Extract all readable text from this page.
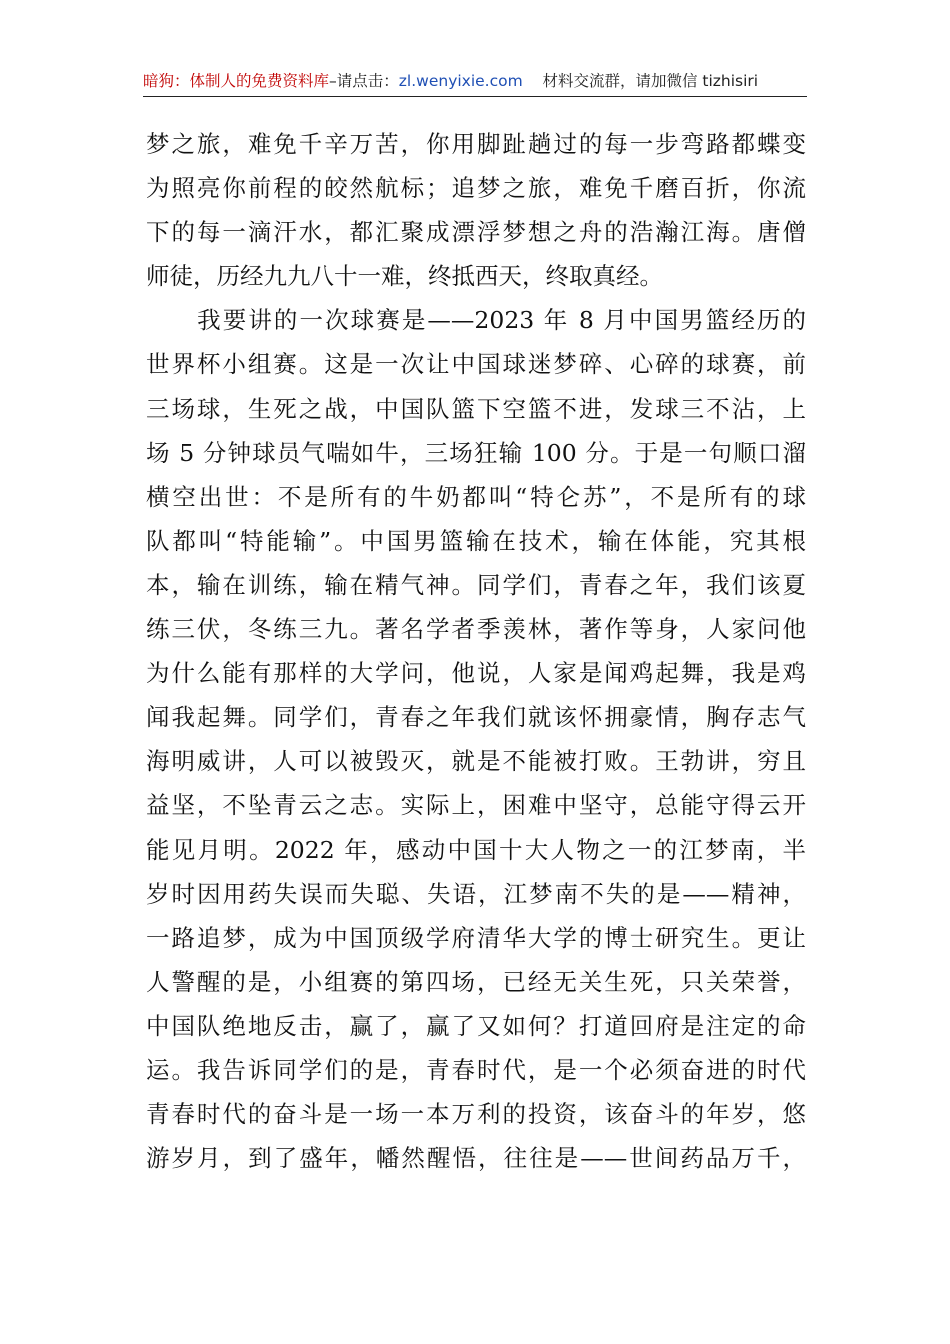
暗狗：体制人的免费资料库–请点击：zl.wenyixie.com 材料交流群，请加微信 tizhisiri
梦之旅，难免千辛万苦，你用脚趾趟过的每一步弯路都蝶变
为照亮你前程的皎然航标；追梦之旅，难免千磨百折，你流
下的每一滴汗水，都汇聚成漂浮梦想之舟的浩瀚江海。唐僧
师徒，历经九九八十一难，终抵西天，终取真经。
　　我要讲的一次球赛是——2023 年 8 月中国男篮经历的
世界杯小组赛。这是一次让中国球迷梦碎、心碎的球赛，前
三场球，生死之战，中国队篮下空篮不进，发球三不沾，上
场 5 分钟球员气喘如牛，三场狂输 100 分。于是一句顺口溜
横空出世：不是所有的牛奶都叫“特仑苏”，不是所有的球
队都叫“特能输”。中国男篮输在技术，输在体能，究其根
本，输在训练，输在精气神。同学们，青春之年，我们该夏
练三伏，冬练三九。著名学者季羡林，著作等身，人家问他
为什么能有那样的大学问，他说，人家是闻鸡起舞，我是鸡
闻我起舞。同学们，青春之年我们就该怀拥豪情，胸存志气
海明威讲，人可以被毁灭，就是不能被打败。王勃讲，穷且
益坚，不坠青云之志。实际上，困难中坚守，总能守得云开
能见月明。2022 年，感动中国十大人物之一的江梦南，半
岁时因用药失误而失聪、失语，江梦南不失的是——精神，
一路追梦，成为中国顶级学府清华大学的博士研究生。更让
人警醒的是，小组赛的第四场，已经无关生死，只关荣誉，
中国队绝地反击，赢了，赢了又如何？打道回府是注定的命
运。我告诉同学们的是，青春时代，是一个必须奋进的时代
青春时代的奋斗是一场一本万利的投资，该奋斗的年岁，悠
游岁月，到了盛年，幡然醒悟，往往是——世间药品万千，
